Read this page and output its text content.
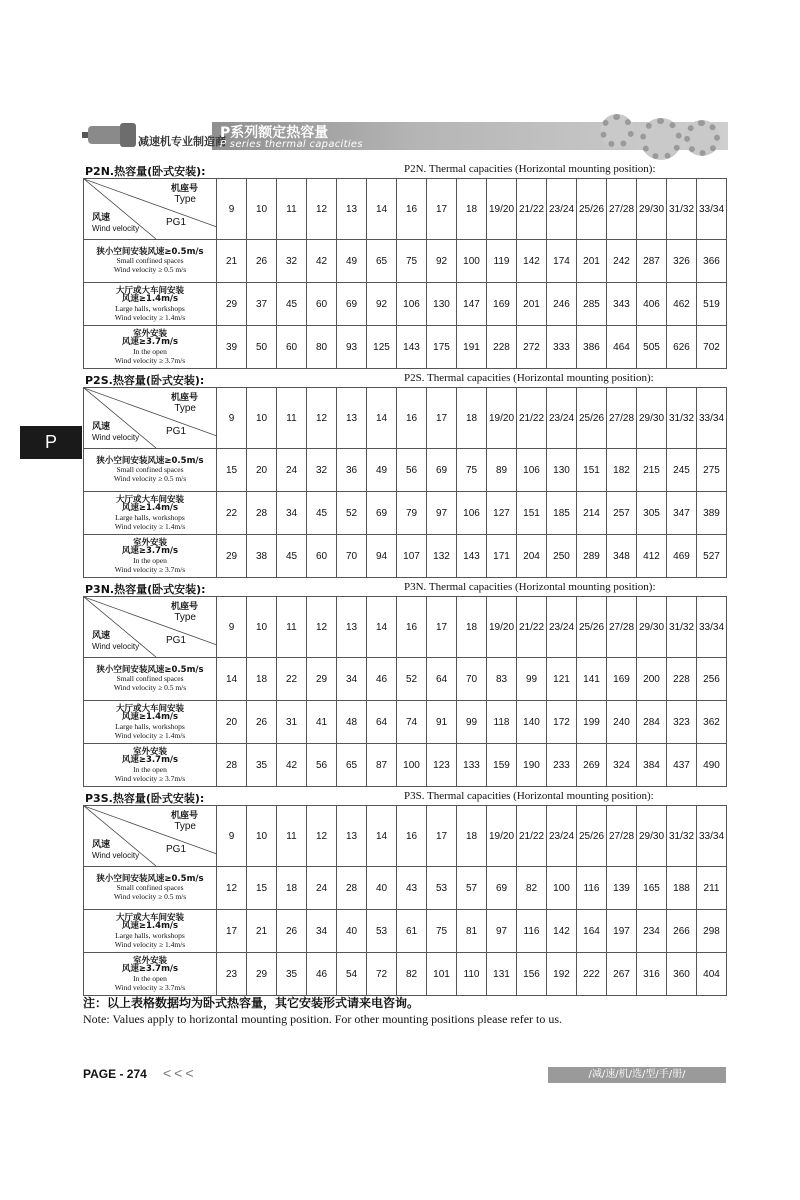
减速机专业制造商
P系列额定热容量
P series thermal capacities
P
P2N.热容量(卧式安装):	P2N. Thermal capacities (Horizontal mounting position):
机座号
Type
PG1
风速
Wind velocity	9	10	11	12	13	14	16	17	18	19/20	21/22	23/24	25/26	27/28	29/30	31/32	33/34

狭小空间安装风速≥0.5m/s
Small confined spaces
Wind velocity ≥ 0.5 m/s	21	26	32	42	49	65	75	92	100	119	142	174	201	242	287	326	366

大厅或大车间安装
风速≥1.4m/s
Large halls, workshops
Wind velocity ≥ 1.4m/s	29	37	45	60	69	92	106	130	147	169	201	246	285	343	406	462	519

室外安装
风速≥3.7m/s
In the open
Wind velocity ≥ 3.7m/s	39	50	60	80	93	125	143	175	191	228	272	333	386	464	505	626	702
P2S.热容量(卧式安装):	P2S. Thermal capacities (Horizontal mounting position):
机座号
Type
PG1
风速
Wind velocity	9	10	11	12	13	14	16	17	18	19/20	21/22	23/24	25/26	27/28	29/30	31/32	33/34

狭小空间安装风速≥0.5m/s
Small confined spaces
Wind velocity ≥ 0.5 m/s	15	20	24	32	36	49	56	69	75	89	106	130	151	182	215	245	275

大厅或大车间安装
风速≥1.4m/s
Large halls, workshops
Wind velocity ≥ 1.4m/s	22	28	34	45	52	69	79	97	106	127	151	185	214	257	305	347	389

室外安装
风速≥3.7m/s
In the open
Wind velocity ≥ 3.7m/s	29	38	45	60	70	94	107	132	143	171	204	250	289	348	412	469	527
P3N.热容量(卧式安装):	P3N. Thermal capacities (Horizontal mounting position):
机座号
Type
PG1
风速
Wind velocity	9	10	11	12	13	14	16	17	18	19/20	21/22	23/24	25/26	27/28	29/30	31/32	33/34

狭小空间安装风速≥0.5m/s
Small confined spaces
Wind velocity ≥ 0.5 m/s	14	18	22	29	34	46	52	64	70	83	99	121	141	169	200	228	256

大厅或大车间安装
风速≥1.4m/s
Large halls, workshops
Wind velocity ≥ 1.4m/s	20	26	31	41	48	64	74	91	99	118	140	172	199	240	284	323	362

室外安装
风速≥3.7m/s
In the open
Wind velocity ≥ 3.7m/s	28	35	42	56	65	87	100	123	133	159	190	233	269	324	384	437	490
P3S.热容量(卧式安装):	P3S. Thermal capacities (Horizontal mounting position):
机座号
Type
PG1
风速
Wind velocity	9	10	11	12	13	14	16	17	18	19/20	21/22	23/24	25/26	27/28	29/30	31/32	33/34

狭小空间安装风速≥0.5m/s
Small confined spaces
Wind velocity ≥ 0.5 m/s	12	15	18	24	28	40	43	53	57	69	82	100	116	139	165	188	211

大厅或大车间安装
风速≥1.4m/s
Large halls, workshops
Wind velocity ≥ 1.4m/s	17	21	26	34	40	53	61	75	81	97	116	142	164	197	234	266	298

室外安装
风速≥3.7m/s
In the open
Wind velocity ≥ 3.7m/s	23	29	35	46	54	72	82	101	110	131	156	192	222	267	316	360	404
注：以上表格数据均为卧式热容量，其它安装形式请来电咨询。
Note: Values apply to horizontal mounting position. For other mounting positions please refer to us.
PAGE - 274 <<<	/减/速/机/选/型/手/册/
